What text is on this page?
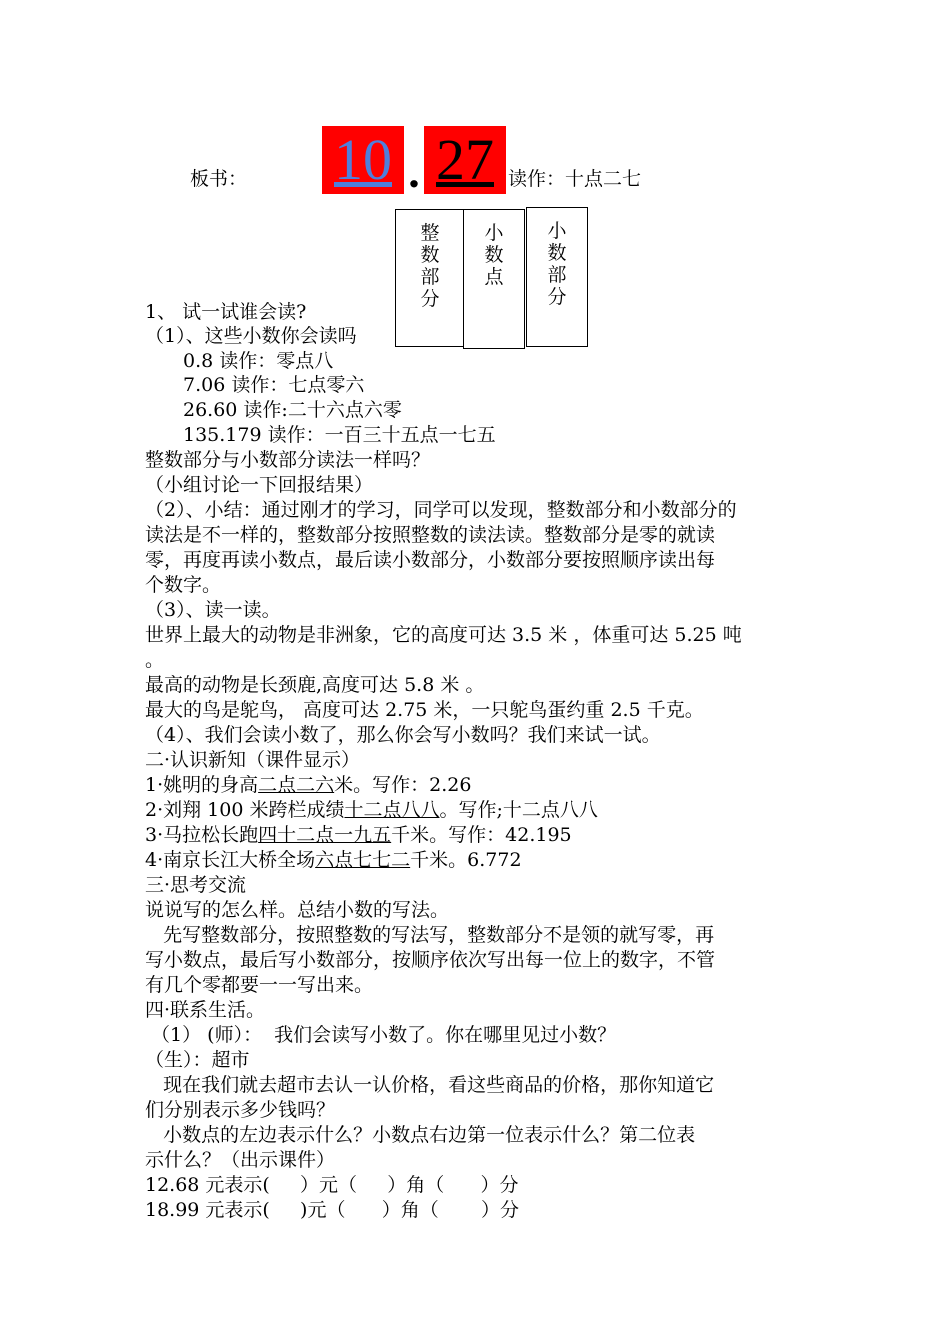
板书： 10 . 27 读作：十点二七
整
数
部
分
小
数
点
小
数
部
分
1、 试一试谁会读?
（1）、这些小数你会读吗
0.8 读作：零点八
7.06 读作：七点零六
26.60 读作:二十六点六零
135.179 读作：一百三十五点一七五
整数部分与小数部分读法一样吗？
（小组讨论一下回报结果）
（2）、小结：通过刚才的学习，同学可以发现，整数部分和小数部分的
读法是不一样的，整数部分按照整数的读法读。整数部分是零的就读
零，再度再读小数点，最后读小数部分，小数部分要按照顺序读出每
个数字。
（3）、读一读。
世界上最大的动物是非洲象，它的高度可达 3.5 米 ，体重可达 5.25 吨
。
最高的动物是长颈鹿,高度可达 5.8 米 。
最大的鸟是鸵鸟， 高度可达 2.75 米，一只鸵鸟蛋约重 2.5 千克。
（4）、我们会读小数了，那么你会写小数吗？我们来试一试。
二·认识新知（课件显示）
1·姚明的身高二点二六米。写作：2.26
2·刘翔 100 米跨栏成绩十二点八八。写作;十二点八八
3·马拉松长跑四十二点一九五千米。写作：42.195
4·南京长江大桥全场六点七七二千米。6.772
三·思考交流
说说写的怎么样。总结小数的写法。
先写整数部分，按照整数的写法写，整数部分不是领的就写零，再
写小数点，最后写小数部分，按顺序依次写出每一位上的数字，不管
有几个零都要一一写出来。
四·联系生活。
（1） (师）：  我们会读写小数了。你在哪里见过小数？
（生）：超市
现在我们就去超市去认一认价格，看这些商品的价格，那你知道它
们分别表示多少钱吗？
小数点的左边表示什么？小数点右边第一位表示什么？第二位表
示什么？（出示课件）
12.68 元表示(     ）元（     ）角（      ）分
18.99 元表示(     )元（      ）角（       ）分
